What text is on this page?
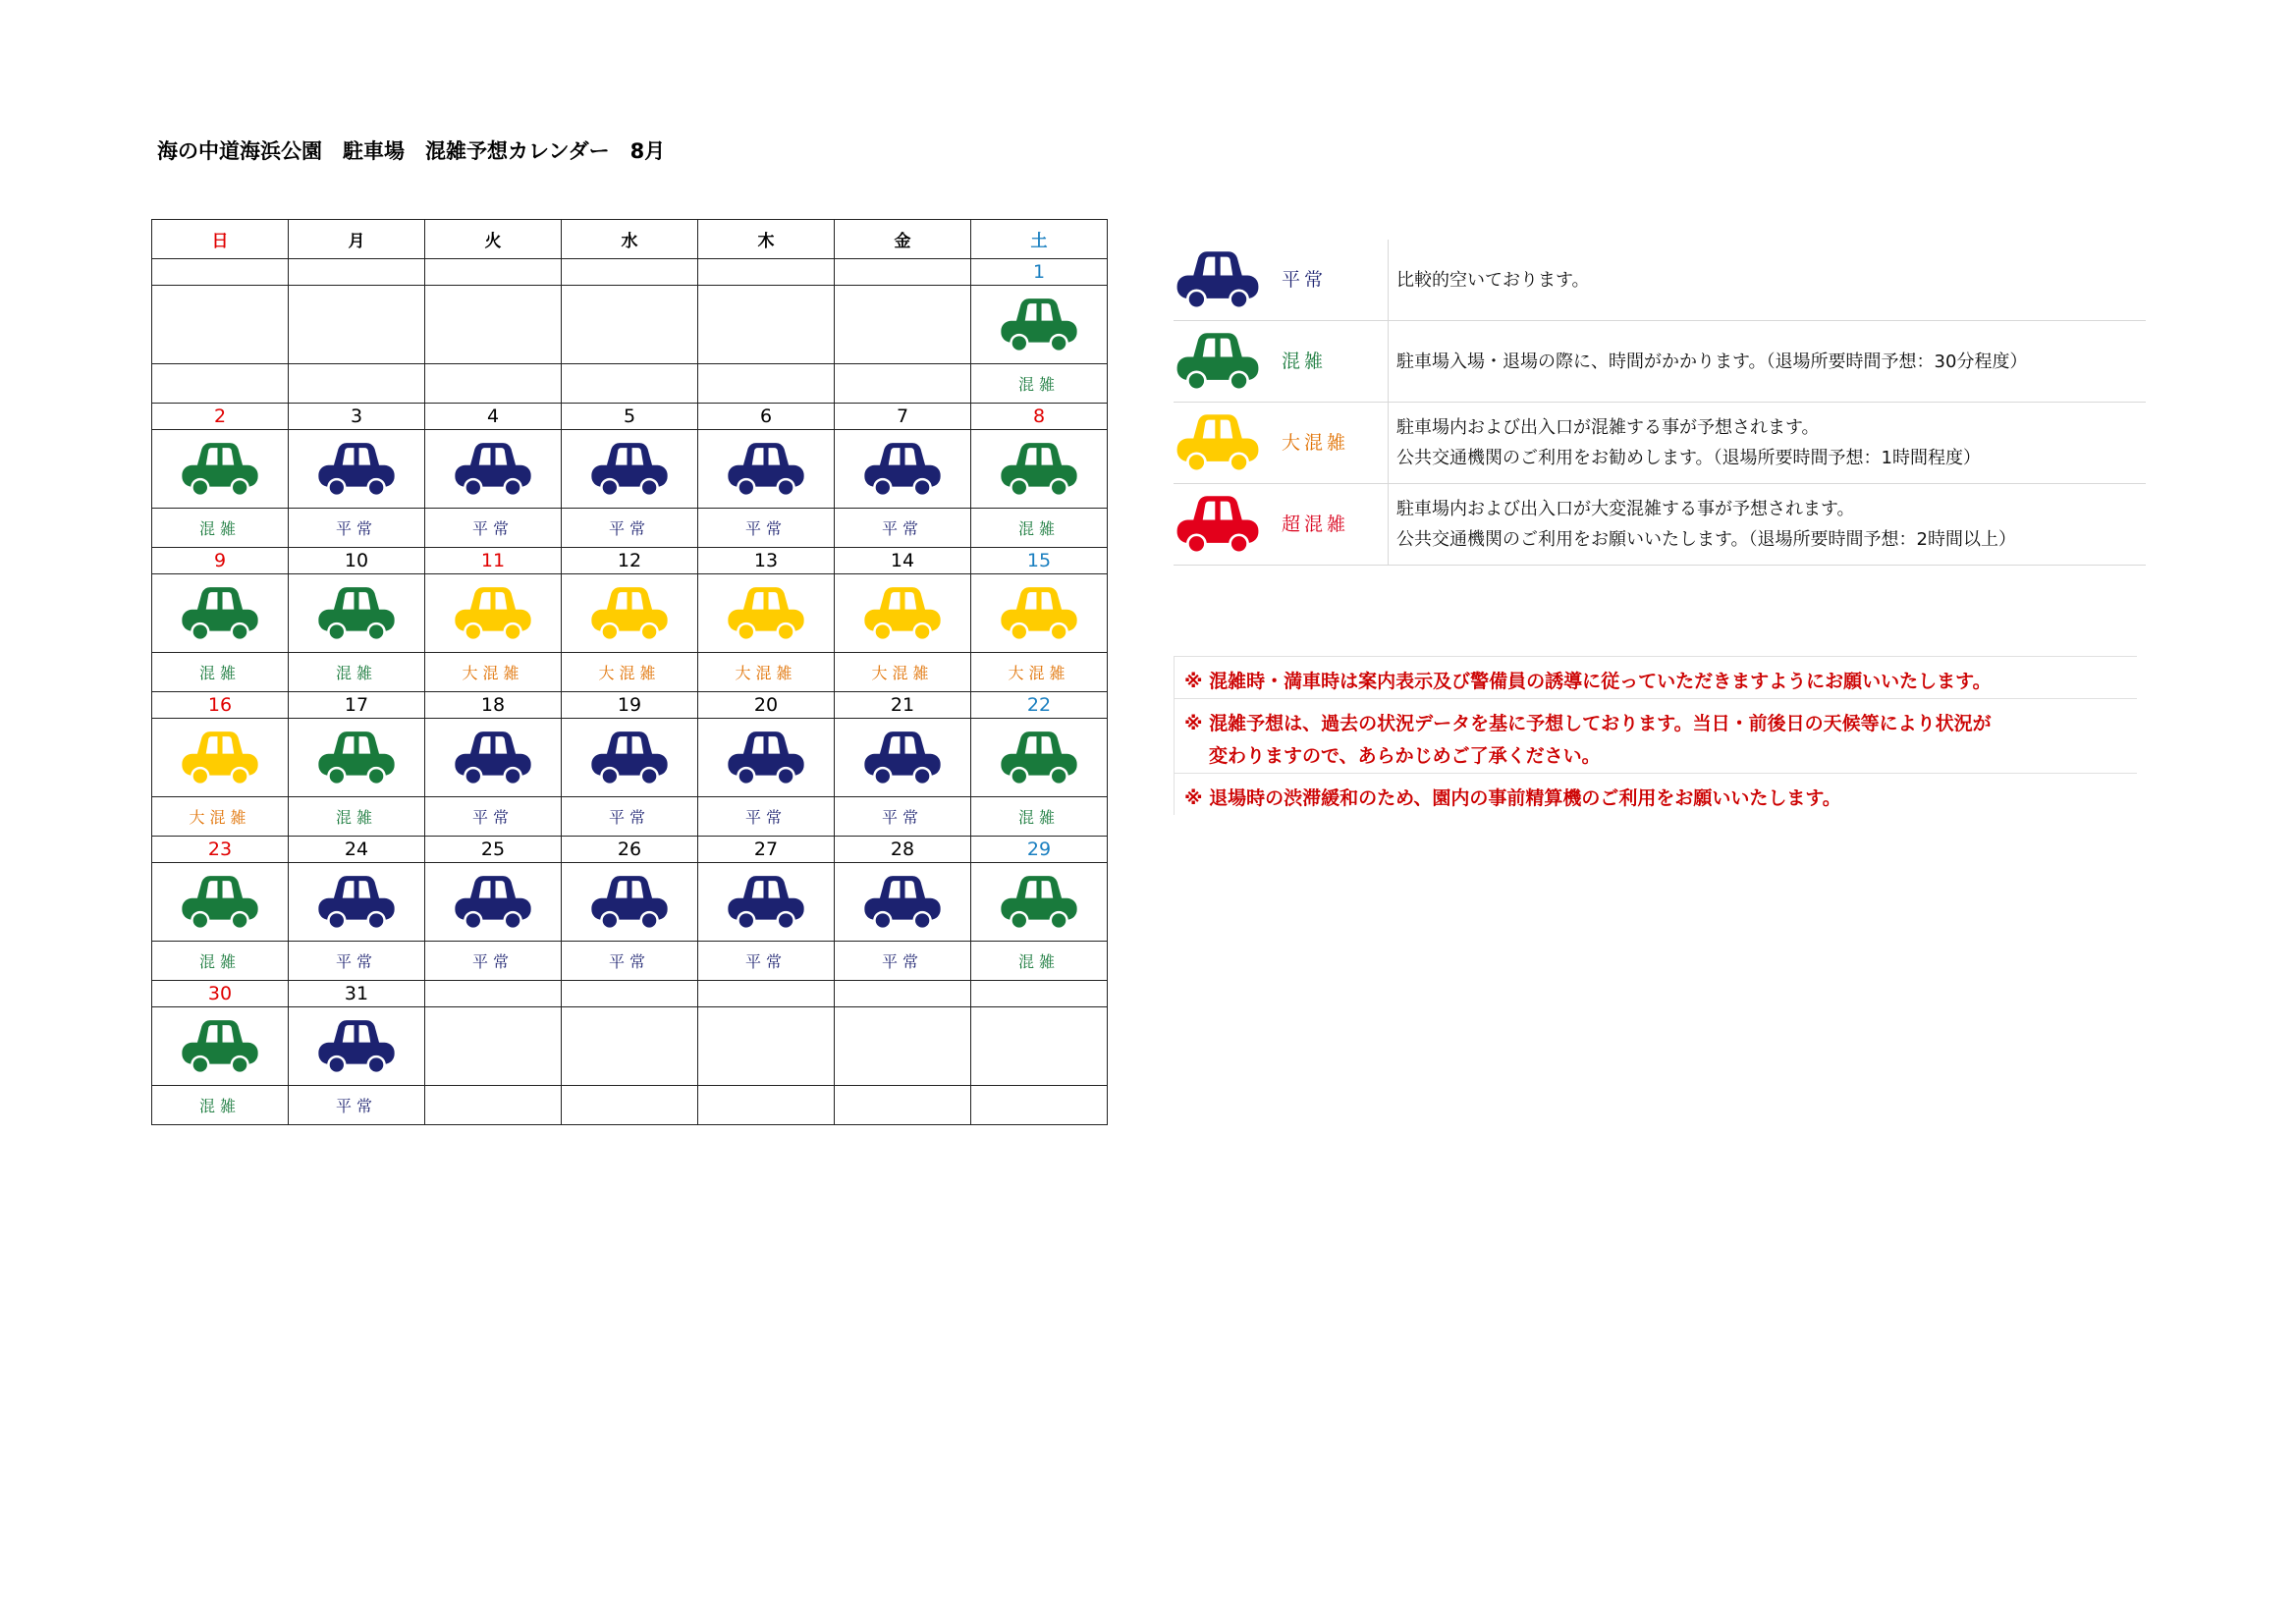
海の中道海浜公園　駐車場　混雑予想カレンダー　8月
日	月	火	水	木	金	土
						1

						混雑
2	3	4	5	6	7	8

混雑	平常	平常	平常	平常	平常	混雑
9	10	11	12	13	14	15

混雑	混雑	大混雑	大混雑	大混雑	大混雑	大混雑
16	17	18	19	20	21	22

大混雑	混雑	平常	平常	平常	平常	混雑
23	24	25	26	27	28	29

混雑	平常	平常	平常	平常	平常	混雑
30	31					

混雑	平常					
平常	比較的空いております。
混雑	駐車場入場・退場の際に、時間がかかります。（退場所要時間予想：30分程度）
大混雑
駐車場内および出入口が混雑する事が予想されます。
公共交通機関のご利用をお勧めします。（退場所要時間予想：1時間程度）
超混雑
駐車場内および出入口が大変混雑する事が予想されます。
公共交通機関のご利用をお願いいたします。（退場所要時間予想：2時間以上）
※ 混雑時・満車時は案内表示及び警備員の誘導に従っていただきますようにお願いいたします。
※ 混雑予想は、過去の状況データを基に予想しております。当日・前後日の天候等により状況が
変わりますので、あらかじめご了承ください。
※ 退場時の渋滞緩和のため、園内の事前精算機のご利用をお願いいたします。
